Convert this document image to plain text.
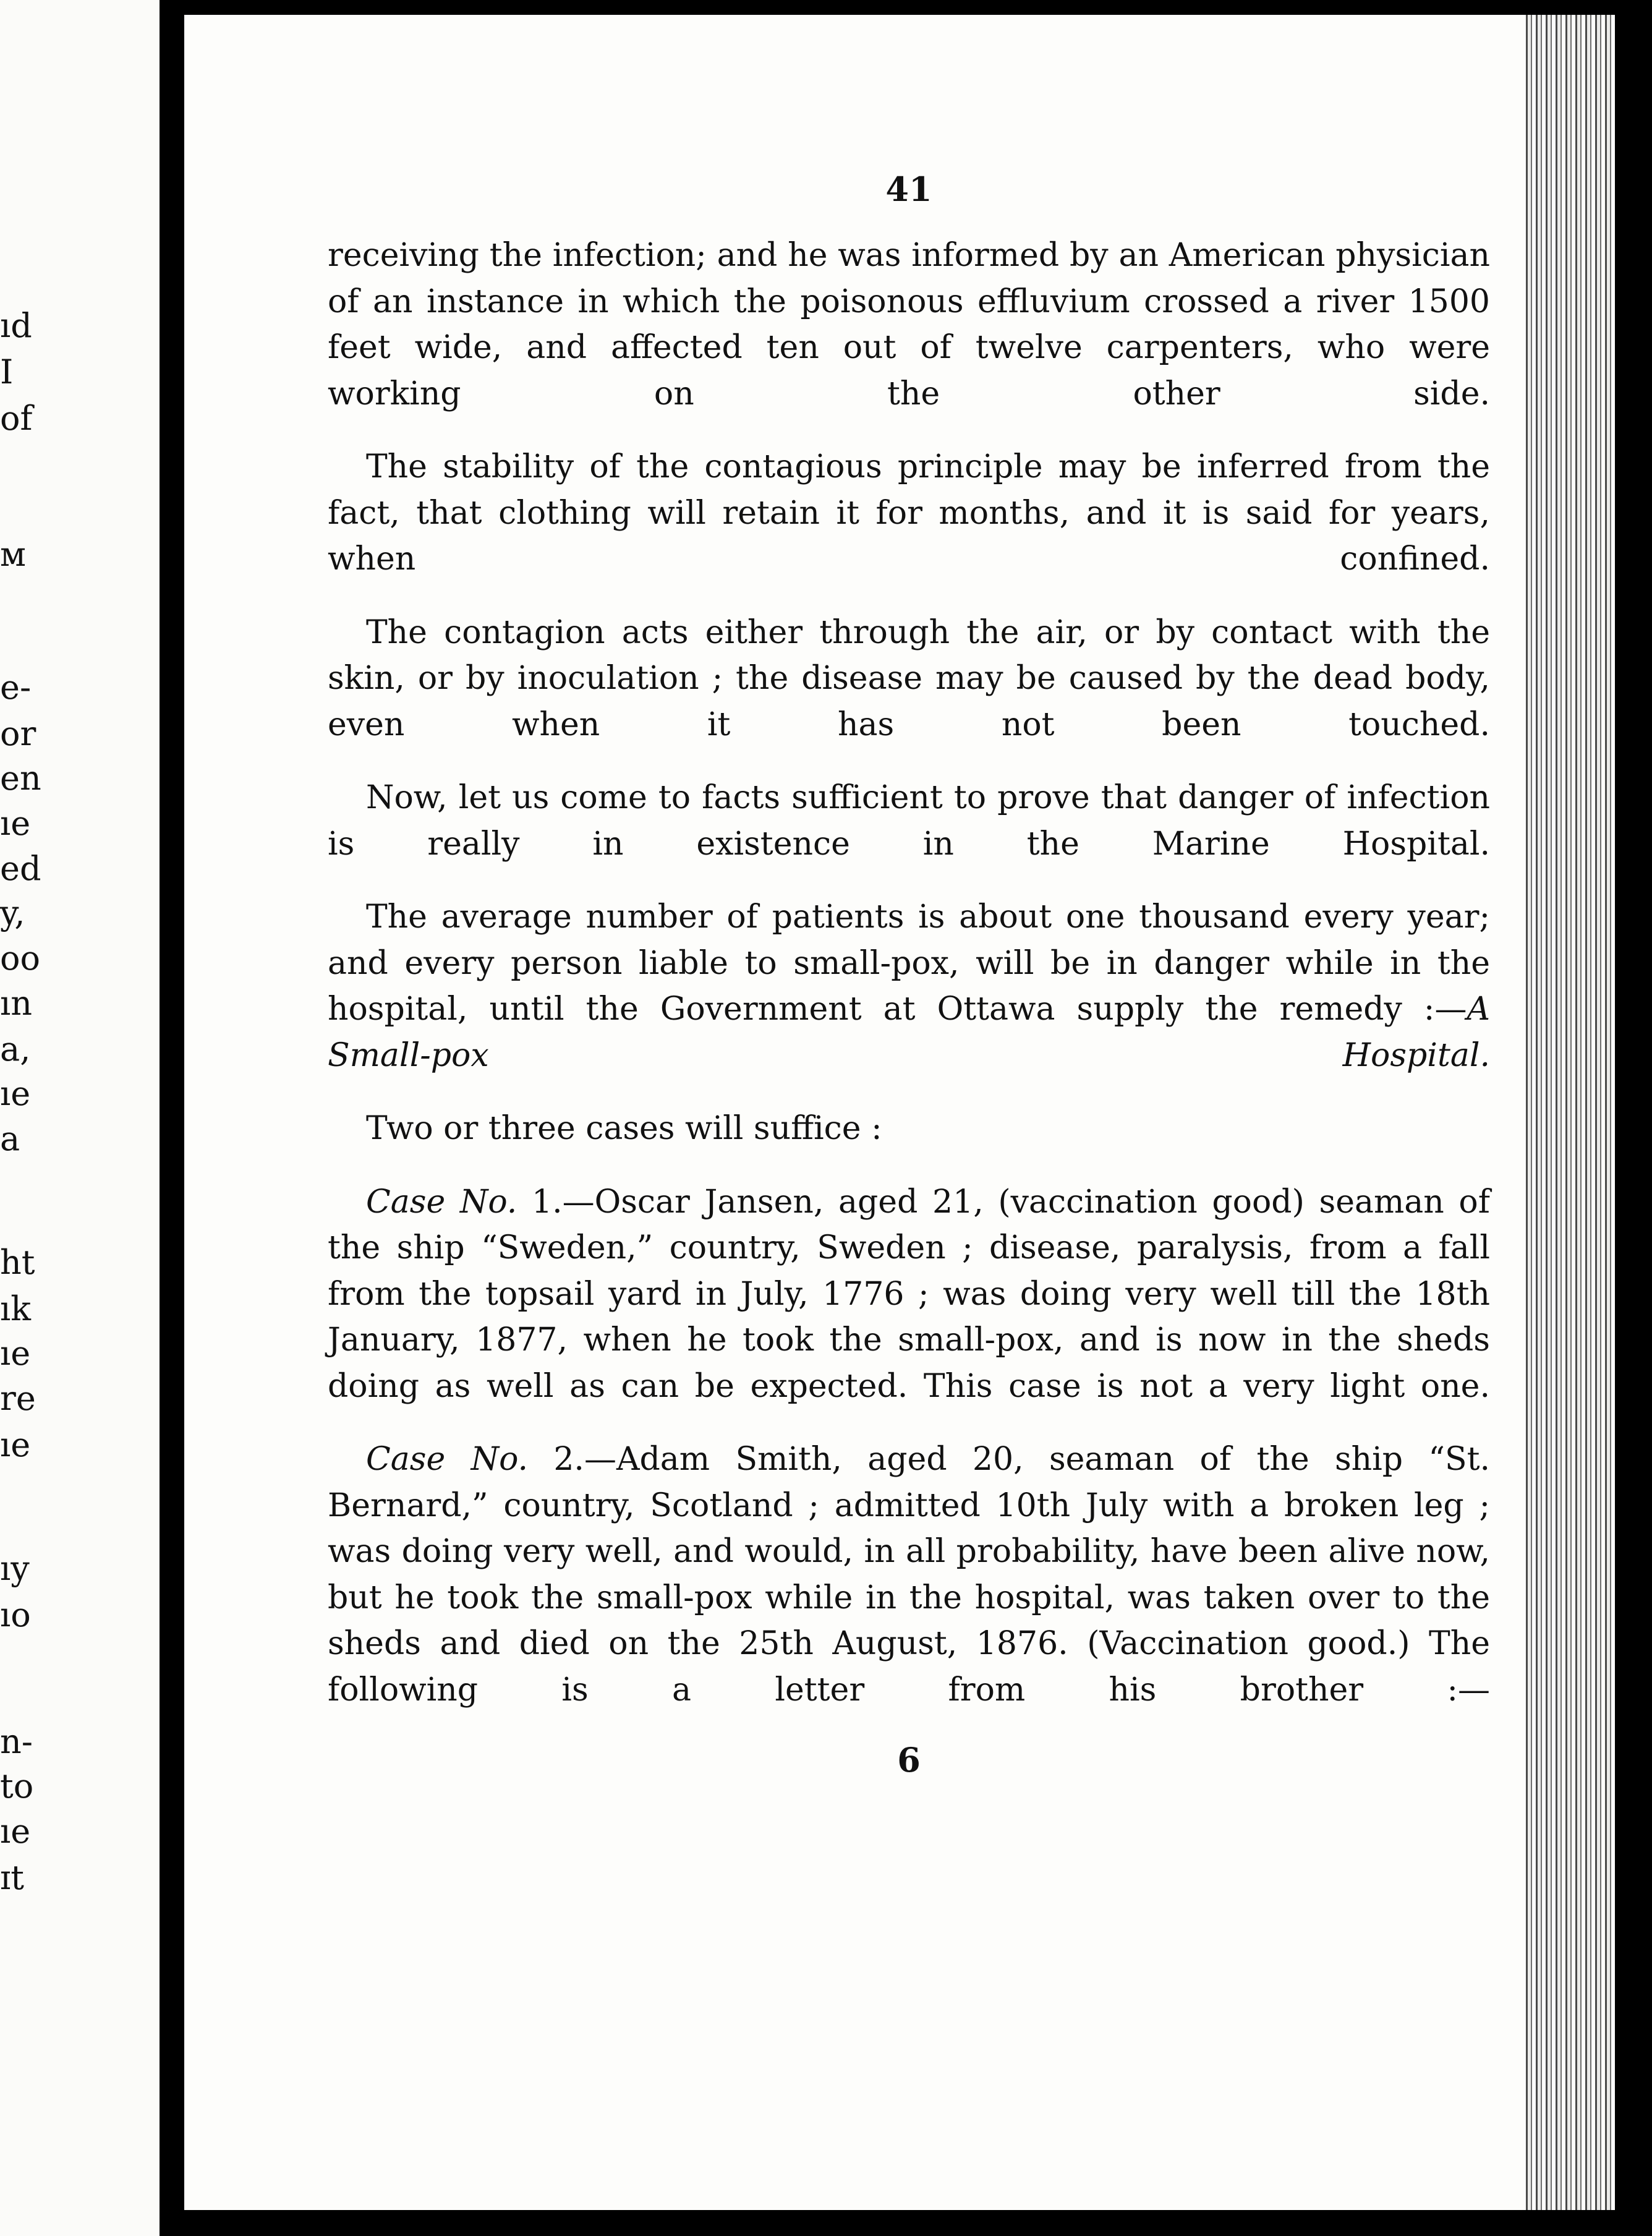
ıd

I

of

ᴍ

e-

or

en

ıe

ed

y,

oo

ın

a,

ıe

a

ht

ık

ıe

re

ıe

ıy

ıo

n-

to

ıe

ɪt

41

receiving the infection; and he was informed by an American physician of an instance in which the poisonous effluvium crossed a river 1500 feet wide, and affected ten out of twelve carpenters, who were working on the other side.

The stability of the contagious principle may be inferred from the fact, that clothing will retain it for months, and it is said for years, when confined.

The contagion acts either through the air, or by contact with the skin, or by inoculation ; the disease may be caused by the dead body, even when it has not been touched.

Now, let us come to facts sufficient to prove that danger of infection is really in existence in the Marine Hospital.

The average number of patients is about one thousand every year; and every person liable to small-pox, will be in danger while in the hospital, until the Government at Ottawa supply the remedy :—A Small-pox Hospital.

Two or three cases will suffice :

Case No. 1.—Oscar Jansen, aged 21, (vaccination good) seaman of the ship “Sweden,” country, Sweden ; disease, paralysis, from a fall from the topsail yard in July, 1776 ; was doing very well till the 18th January, 1877, when he took the small-pox, and is now in the sheds doing as well as can be expected. This case is not a very light one.

Case No. 2.—Adam Smith, aged 20, seaman of the ship “St. Bernard,” country, Scotland ; admitted 10th July with a broken leg ; was doing very well, and would, in all probability, have been alive now, but he took the small-pox while in the hospital, was taken over to the sheds and died on the 25th August, 1876. (Vaccination good.) The following is a letter from his brother :—

6
